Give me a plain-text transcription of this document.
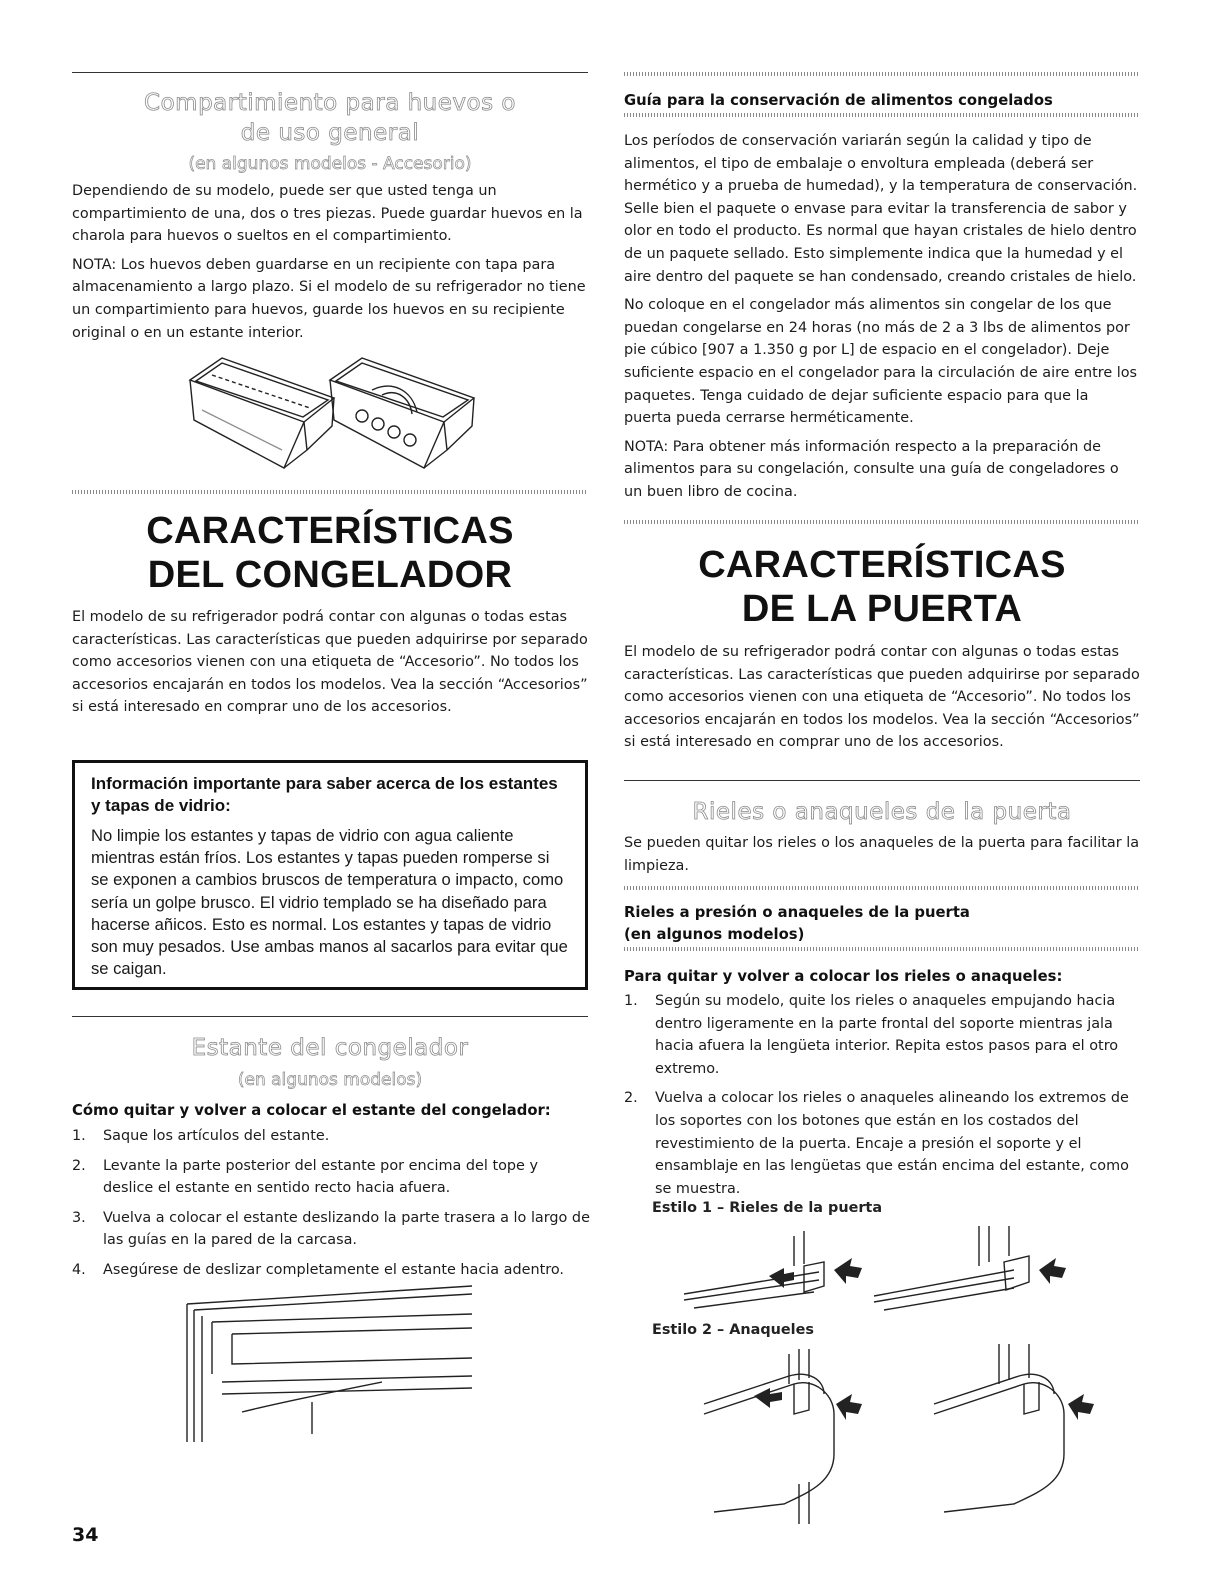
Compartimiento para huevos o
de uso general
(en algunos modelos - Accesorio)

Dependiendo de su modelo, puede ser que usted tenga un compartimiento de una, dos o tres piezas. Puede guardar huevos en la charola para huevos o sueltos en el compartimiento.

NOTA: Los huevos deben guardarse en un recipiente con tapa para almacenamiento a largo plazo. Si el modelo de su refrigerador no tiene un compartimiento para huevos, guarde los huevos en su recipiente original o en un estante interior.

CARACTERÍSTICAS
DEL CONGELADOR

El modelo de su refrigerador podrá contar con algunas o todas estas características. Las características que pueden adquirirse por separado como accesorios vienen con una etiqueta de “Accesorio”. No todos los accesorios encajarán en todos los modelos. Vea la sección “Accesorios” si está interesado en comprar uno de los accesorios.

Información importante para saber acerca de los estantes y tapas de vidrio:
No limpie los estantes y tapas de vidrio con agua caliente mientras están fríos. Los estantes y tapas pueden romperse si se exponen a cambios bruscos de temperatura o impacto, como sería un golpe brusco. El vidrio templado se ha diseñado para hacerse añicos. Esto es normal. Los estantes y tapas de vidrio son muy pesados. Use ambas manos al sacarlos para evitar que se caigan.
Estante del congelador
(en algunos modelos)
Cómo quitar y volver a colocar el estante del congelador:
1. Saque los artículos del estante.
2. Levante la parte posterior del estante por encima del tope y deslice el estante en sentido recto hacia afuera.
3. Vuelva a colocar el estante deslizando la parte trasera a lo largo de las guías en la pared de la carcasa.
4. Asegúrese de deslizar completamente el estante hacia adentro.
34
Guía para la conservación de alimentos congelados

Los períodos de conservación variarán según la calidad y tipo de alimentos, el tipo de embalaje o envoltura empleada (deberá ser hermético y a prueba de humedad), y la temperatura de conservación. Selle bien el paquete o envase para evitar la transferencia de sabor y olor en todo el producto. Es normal que hayan cristales de hielo dentro de un paquete sellado. Esto simplemente indica que la humedad y el aire dentro del paquete se han condensado, creando cristales de hielo.

No coloque en el congelador más alimentos sin congelar de los que puedan congelarse en 24 horas (no más de 2 a 3 lbs de alimentos por pie cúbico [907 a 1.350 g por L] de espacio en el congelador). Deje suficiente espacio en el congelador para la circulación de aire entre los paquetes. Tenga cuidado de dejar suficiente espacio para que la puerta pueda cerrarse herméticamente.

NOTA: Para obtener más información respecto a la preparación de alimentos para su congelación, consulte una guía de congeladores o un buen libro de cocina.

CARACTERÍSTICAS
DE LA PUERTA

El modelo de su refrigerador podrá contar con algunas o todas estas características. Las características que pueden adquirirse por separado como accesorios vienen con una etiqueta de “Accesorio”. No todos los accesorios encajarán en todos los modelos. Vea la sección “Accesorios” si está interesado en comprar uno de los accesorios.

Rieles o anaqueles de la puerta

Se pueden quitar los rieles o los anaqueles de la puerta para facilitar la limpieza.

Rieles a presión o anaqueles de la puerta
(en algunos modelos)
Para quitar y volver a colocar los rieles o anaqueles:
1. Según su modelo, quite los rieles o anaqueles empujando hacia dentro ligeramente en la parte frontal del soporte mientras jala hacia afuera la lengüeta interior. Repita estos pasos para el otro extremo.
2. Vuelva a colocar los rieles o anaqueles alineando los extremos de los soportes con los botones que están en los costados del revestimiento de la puerta. Encaje a presión el soporte y el ensamblaje en las lengüetas que están encima del estante, como se muestra.
Estilo 1 – Rieles de la puerta
Estilo 2 – Anaqueles
